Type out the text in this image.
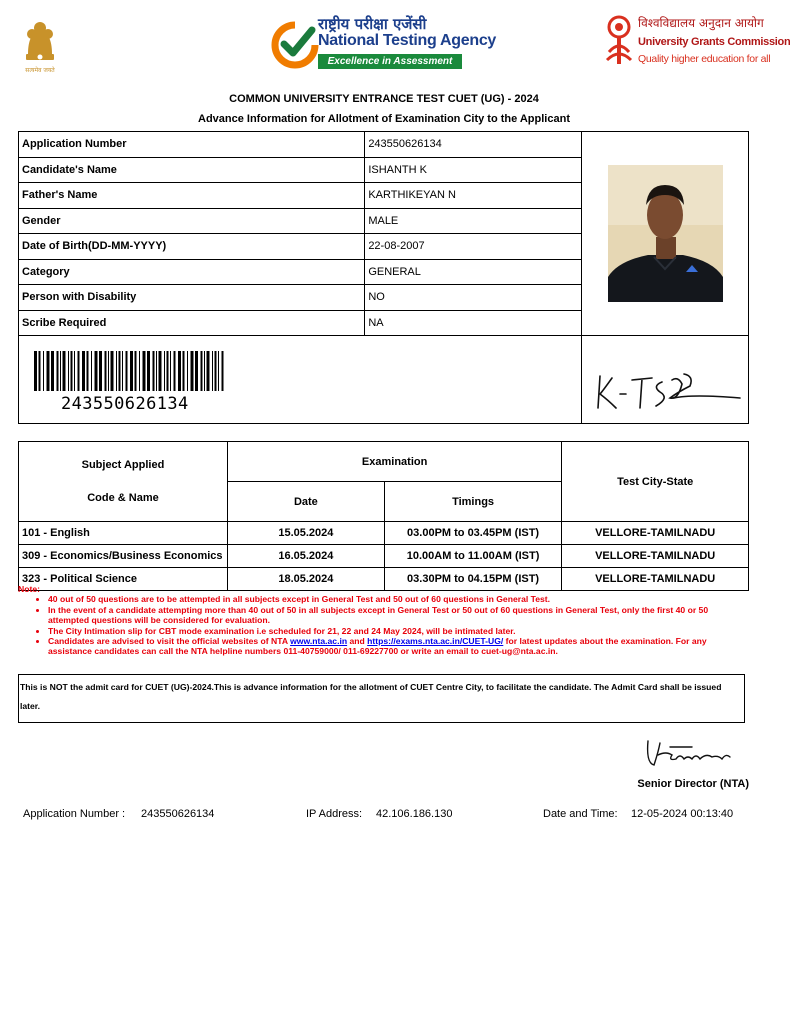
सत्यमेव जयते
राष्ट्रीय परीक्षा एजेंसी
National Testing Agency
Excellence in Assessment
विश्वविद्यालय अनुदान आयोग
University Grants Commission
Quality higher education for all
COMMON UNIVERSITY ENTRANCE TEST CUET (UG) - 2024
Advance Information for Allotment of Examination City to the Applicant
Application Number	243550626134	

Candidate's Name	ISHANTH K	
Father's Name	KARTHIKEYAN N	
Gender	MALE	
Date of Birth(DD-MM-YYYY)	22-08-2007	
Category	GENERAL	
Person with Disability	NO	
Scribe Required	NA	

243550626134

Subject Applied
Code & Name	Examination		Test City-State
	Date	Timings	
101 - English	15.05.2024	03.00PM to 03.45PM (IST)	VELLORE-TAMILNADU
309 - Economics/Business Economics	16.05.2024	10.00AM to 11.00AM (IST)	VELLORE-TAMILNADU
323 - Political Science	18.05.2024	03.30PM to 04.15PM (IST)	VELLORE-TAMILNADU
Note:
• 40 out of 50 questions are to be attempted in all subjects except in General Test and 50 out of 60 questions in General Test.
• In the event of a candidate attempting more than 40 out of 50 in all subjects except in General Test or 50 out of 60 questions in General Test, only the first 40 or 50 attempted questions will be considered for evaluation.
• The City Intimation slip for CBT mode examination i.e scheduled for 21, 22 and 24 May 2024, will be intimated later.
• Candidates are advised to visit the official websites of NTA www.nta.ac.in and https://exams.nta.ac.in/CUET-UG/ for latest updates about the examination. For any assistance candidates can call the NTA helpline numbers 011-40759000/ 011-69227700 or write an email to cuet-ug@nta.ac.in.
This is NOT the admit card for CUET (UG)-2024.This is advance information for the allotment of CUET Centre City, to facilitate the candidate. The Admit Card shall be issued later.
Senior Director (NTA)
Application Number : 243550626134	IP Address: 42.106.186.130	Date and Time: 12-05-2024 00:13:40
